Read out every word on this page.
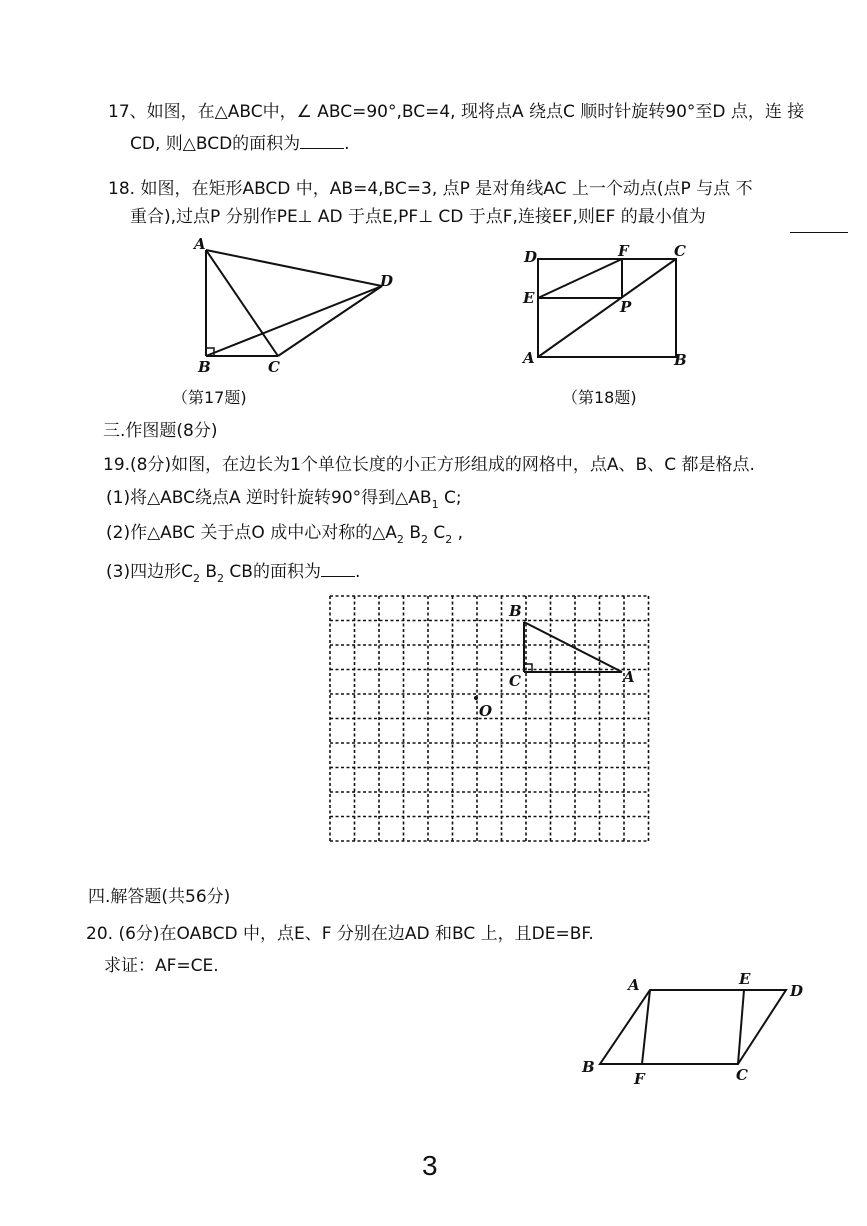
17、如图，在△ABC中，∠ ABC=90°,BC=4, 现将点A 绕点C 顺时针旋转90°至D 点，连 接
CD, 则△BCD的面积为	.
18. 如图，在矩形ABCD 中，AB=4,BC=3, 点P 是对角线AC 上一个动点(点P 与点 不
重合),过点P 分别作PE⊥ AD 于点E,PF⊥ CD 于点F,连接EF,则EF 的最小值为
A
B	C
D
（第17题)
D	F	C
E	P
A	B
（第18题)
三.作图题(8分)
19.(8分)如图，在边长为1个单位长度的小正方形组成的网格中，点A、B、C 都是格点.
(1)将△ABC绕点A 逆时针旋转90°得到$\triangle AB_1$ C;
(2)作△ABC 关于点O 成中心对称的$\triangle A_2$ $B_2$ $C_2$ ,
(3)四边形$C_2$ $B_2$ CB的面积为 .
B
C	A
O
四.解答题(共56分)
20. (6分)在OABCD 中，点E、F 分别在边AD 和BC 上，且DE=BF.
求证：AF=CE.
A	E
D
B
F	C
3
